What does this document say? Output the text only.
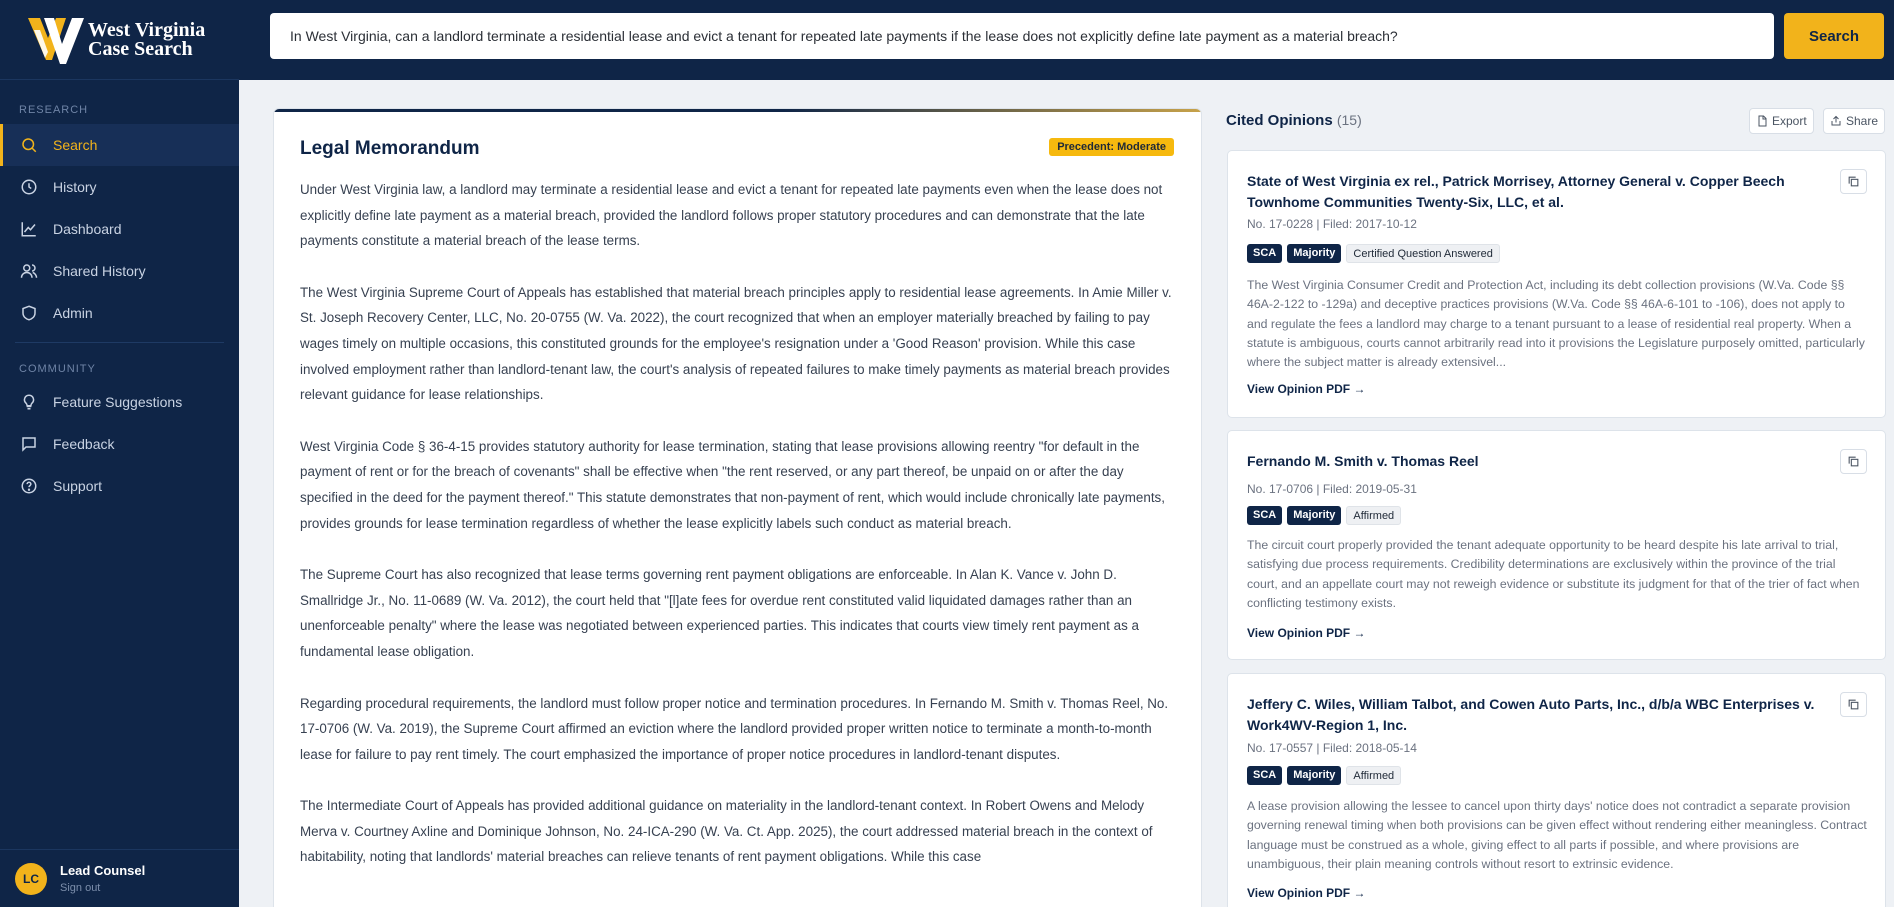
West Virginia
Case Search
RESEARCH
Search
History
Dashboard
Shared History
Admin
COMMUNITY
Feature Suggestions
Feedback
Support
LC
Lead Counsel
Sign out
In West Virginia, can a landlord terminate a residential lease and evict a tenant for repeated late payments if the lease does not explicitly define late payment as a material breach?
Search
Legal Memorandum	Precedent: Moderate

Under West Virginia law, a landlord may terminate a residential lease and evict a tenant for repeated late payments even when the lease does not explicitly define late payment as a material breach, provided the landlord follows proper statutory procedures and can demonstrate that the late payments constitute a material breach of the lease terms.

The West Virginia Supreme Court of Appeals has established that material breach principles apply to residential lease agreements. In Amie Miller v. St. Joseph Recovery Center, LLC, No. 20-0755 (W. Va. 2022), the court recognized that when an employer materially breached by failing to pay wages timely on multiple occasions, this constituted grounds for the employee's resignation under a 'Good Reason' provision. While this case involved employment rather than landlord-tenant law, the court's analysis of repeated failures to make timely payments as material breach provides relevant guidance for lease relationships.

West Virginia Code § 36-4-15 provides statutory authority for lease termination, stating that lease provisions allowing reentry "for default in the payment of rent or for the breach of covenants" shall be effective when "the rent reserved, or any part thereof, be unpaid on or after the day specified in the deed for the payment thereof." This statute demonstrates that non-payment of rent, which would include chronically late payments, provides grounds for lease termination regardless of whether the lease explicitly labels such conduct as material breach.

The Supreme Court has also recognized that lease terms governing rent payment obligations are enforceable. In Alan K. Vance v. John D. Smallridge Jr., No. 11-0689 (W. Va. 2012), the court held that "[l]ate fees for overdue rent constituted valid liquidated damages rather than an unenforceable penalty" where the lease was negotiated between experienced parties. This indicates that courts view timely rent payment as a fundamental lease obligation.

Regarding procedural requirements, the landlord must follow proper notice and termination procedures. In Fernando M. Smith v. Thomas Reel, No. 17-0706 (W. Va. 2019), the Supreme Court affirmed an eviction where the landlord provided proper written notice to terminate a month-to-month lease for failure to pay rent timely. The court emphasized the importance of proper notice procedures in landlord-tenant disputes.

The Intermediate Court of Appeals has provided additional guidance on materiality in the landlord-tenant context. In Robert Owens and Melody Merva v. Courtney Axline and Dominique Johnson, No. 24-ICA-290 (W. Va. Ct. App. 2025), the court addressed material breach in the context of habitability, noting that landlords' material breaches can relieve tenants of rent payment obligations. While this case

Cited Opinions (15)	Export	Share
State of West Virginia ex rel., Patrick Morrisey, Attorney General v. Copper Beech Townhome Communities Twenty-Six, LLC, et al.
No. 17-0228 | Filed: 2017-10-12
SCA	Majority	Certified Question Answered
The West Virginia Consumer Credit and Protection Act, including its debt collection provisions (W.Va. Code §§ 46A-2-122 to -129a) and deceptive practices provisions (W.Va. Code §§ 46A-6-101 to -106), does not apply to and regulate the fees a landlord may charge to a tenant pursuant to a lease of residential real property. When a statute is ambiguous, courts cannot arbitrarily read into it provisions the Legislature purposely omitted, particularly where the subject matter is already extensivel...
View Opinion PDF →
Fernando M. Smith v. Thomas Reel
No. 17-0706 | Filed: 2019-05-31
SCA	Majority	Affirmed
The circuit court properly provided the tenant adequate opportunity to be heard despite his late arrival to trial, satisfying due process requirements. Credibility determinations are exclusively within the province of the trial court, and an appellate court may not reweigh evidence or substitute its judgment for that of the trier of fact when conflicting testimony exists.
View Opinion PDF →
Jeffery C. Wiles, William Talbot, and Cowen Auto Parts, Inc., d/b/a WBC Enterprises v. Work4WV-Region 1, Inc.
No. 17-0557 | Filed: 2018-05-14
SCA	Majority	Affirmed
A lease provision allowing the lessee to cancel upon thirty days' notice does not contradict a separate provision governing renewal timing when both provisions can be given effect without rendering either meaningless. Contract language must be construed as a whole, giving effect to all parts if possible, and where provisions are unambiguous, their plain meaning controls without resort to extrinsic evidence.
View Opinion PDF →
